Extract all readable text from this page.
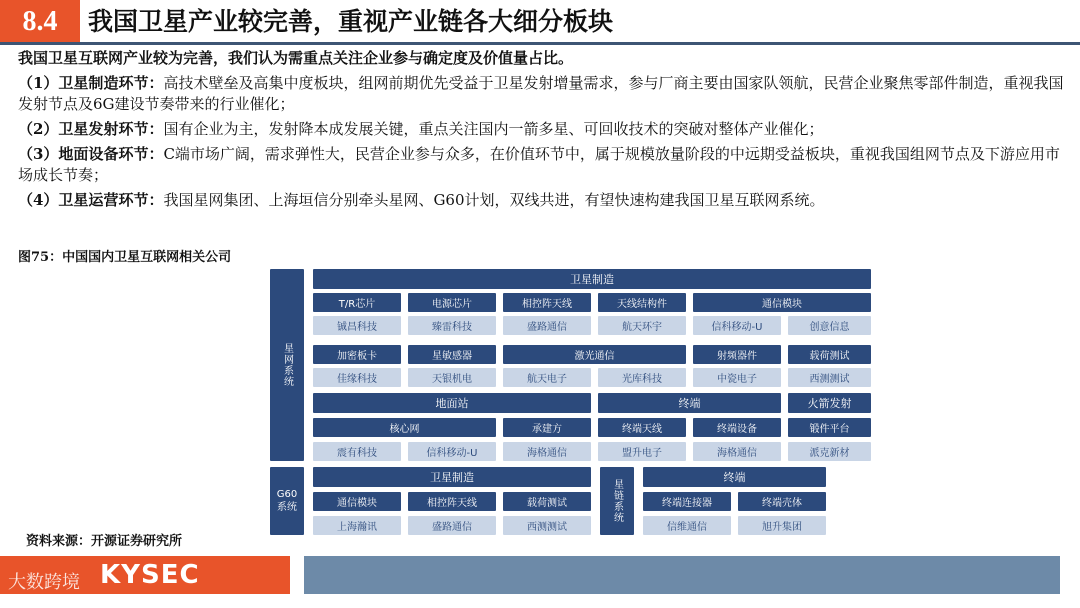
8.4	我国卫星产业较完善，重视产业链各大细分板块

我国卫星互联网产业较为完善，我们认为需重点关注企业参与确定度及价值量占比。

（1）卫星制造环节：高技术壁垒及高集中度板块，组网前期优先受益于卫星发射增量需求，参与厂商主要由国家队领航，民营企业聚焦零部件制造，重视我国发射节点及6G建设节奏带来的行业催化；

（2）卫星发射环节：国有企业为主，发射降本成发展关键，重点关注国内一箭多星、可回收技术的突破对整体产业催化；

（3）地面设备环节：C端市场广阔，需求弹性大，民营企业参与众多，在价值环节中，属于规模放量阶段的中远期受益板块，重视我国组网节点及下游应用市场成长节奏；

（4）卫星运营环节：我国星网集团、上海垣信分别牵头星网、G60计划，双线共进，有望快速构建我国卫星互联网系统。

图75：中国国内卫星互联网相关公司
星网系统
卫星制造
T/R芯片	电源芯片	相控阵天线	天线结构件	通信模块
铖昌科技	臻雷科技	盛路通信	航天环宇	信科移动-U	创意信息
加密板卡	星敏感器	激光通信	射频器件	载荷测试
佳缘科技	天银机电	航天电子	光库科技	中瓷电子	西测测试
地面站	终端	火箭发射
核心网	承建方	终端天线	终端设备	锻件平台
震有科技	信科移动-U	海格通信	盟升电子	海格通信	派克新材
G60系统
卫星制造
通信模块	相控阵天线	载荷测试
上海瀚讯	盛路通信	西测测试
星链系统
终端
终端连接器	终端壳体
信维通信	旭升集团
资料来源：开源证券研究所
KYSEC
大数跨境
